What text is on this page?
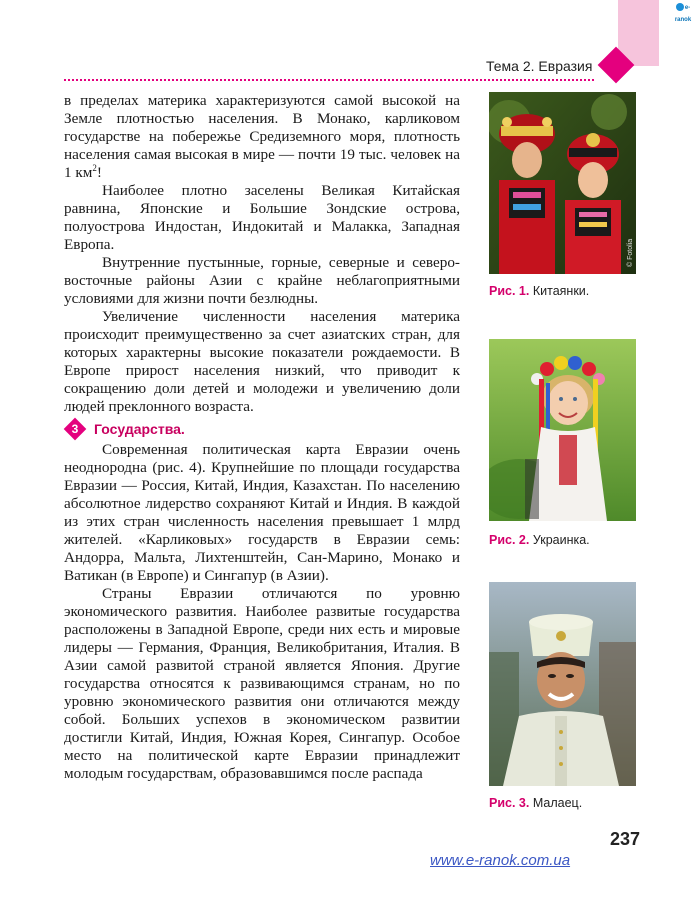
e-ranok
Тема 2. Евразия

в пределах материка характеризуются самой высокой на Земле плотностью населения. В Монако, карликовом государстве на побережье Средиземного моря, плотность населения самая высокая в мире — почти 19 тыс. человек на 1 $км^2$!

Наиболее плотно заселены Великая Китайская равнина, Японские и Большие Зондские острова, полуострова Индостан, Индокитай и Малакка, Западная Европа.

Внутренние пустынные, горные, северные и северо-восточные районы Азии с крайне неблагоприятными условиями для жизни почти безлюдны.

Увеличение численности населения материка происходит преимущественно за счет азиатских стран, для которых характерны высокие показатели рождаемости. В Европе прирост населения низкий, что приводит к сокращению доли детей и молодежи и увеличению доли людей преклонного возраста.

3	Государства.

Современная политическая карта Евразии очень неоднородна (рис. 4). Крупнейшие по площади государства Евразии — Россия, Китай, Индия, Казахстан. По населению абсолютное лидерство сохраняют Китай и Индия. В каждой из этих стран численность населения превышает 1 млрд жителей. «Карликовых» государств в Евразии семь: Андорра, Мальта, Лихтенштейн, Сан-Марино, Монако и Ватикан (в Европе) и Сингапур (в Азии).

Страны Евразии отличаются по уровню экономического развития. Наиболее развитые государства расположены в Западной Европе, среди них есть и мировые лидеры — Германия, Франция, Великобритания, Италия. В Азии самой развитой страной является Япония. Другие государства относятся к развивающимся странам, но по уровню экономического развития они отличаются между собой. Больших успехов в экономическом развитии достигли Китай, Индия, Южная Корея, Сингапур. Особое место на политической карте Евразии принадлежит молодым государствам, образовавшимся после распада

© Fotolia
Рис. 1. Китаянки.
Рис. 2. Украинка.
Рис. 3. Малаец.
237
www.e-ranok.com.ua
